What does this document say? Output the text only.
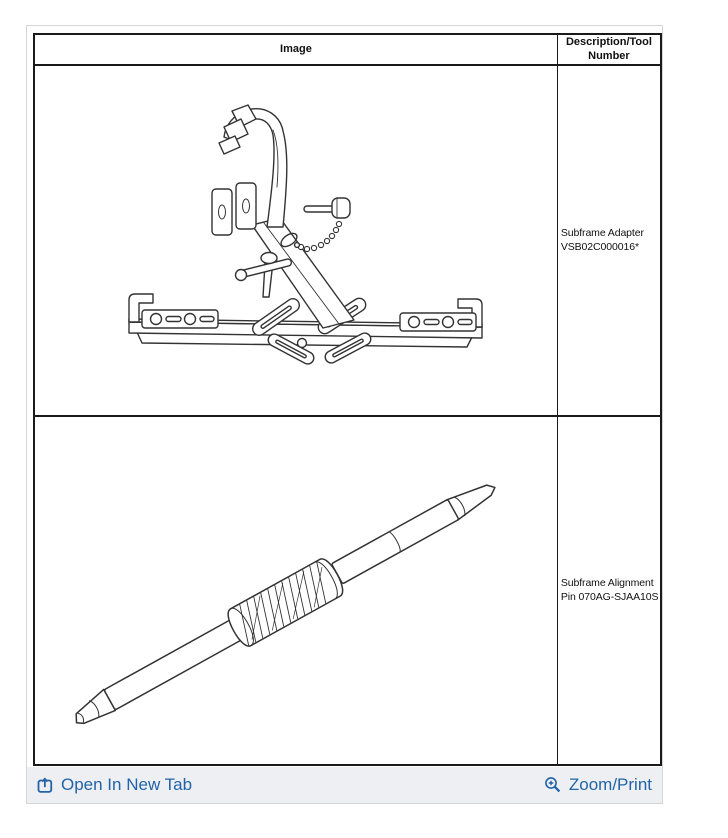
Image	Description/Tool Number

	Subframe Adapter VSB02C000016*

	Subframe Alignment Pin 070AG-SJAA10S
Open In New Tab	Zoom/Print
